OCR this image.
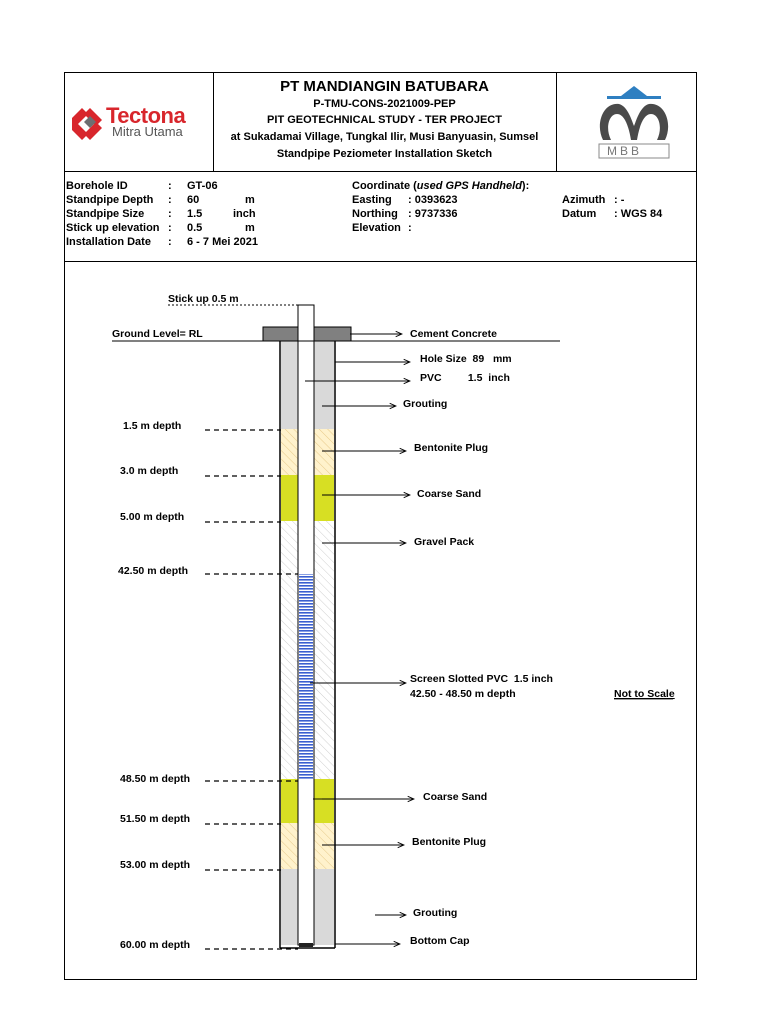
Tectona
Mitra Utama
MBB
PT MANDIANGIN BATUBARA
P-TMU-CONS-2021009-PEP
PIT GEOTECHNICAL STUDY - TER PROJECT
at Sukadamai Village, Tungkal Ilir, Musi Banyuasin, Sumsel
Standpipe Peziometer Installation Sketch
Borehole ID	: GT-06
Standpipe Depth : 60	m
Standpipe Size : 1.5	inch
Stick up elevation : 0.5	m
Installation Date : 6 - 7 Mei 2021
Coordinate (used GPS Handheld):
Easting : 0393623
Northing : 9737336
Elevation :
Azimuth : -
Datum : WGS 84
Stick up 0.5 m
Ground Level= RL
1.5 m depth
3.0 m depth
5.00 m depth
42.50 m depth
48.50 m depth
51.50 m depth
53.00 m depth
60.00 m depth
Cement Concrete
Hole Size  89   mm
PVC         1.5  inch
Grouting
Bentonite Plug
Coarse Sand
Gravel Pack
Screen Slotted PVC  1.5 inch
42.50 - 48.50 m depth
Coarse Sand
Bentonite Plug
Grouting
Bottom Cap
Not to Scale
